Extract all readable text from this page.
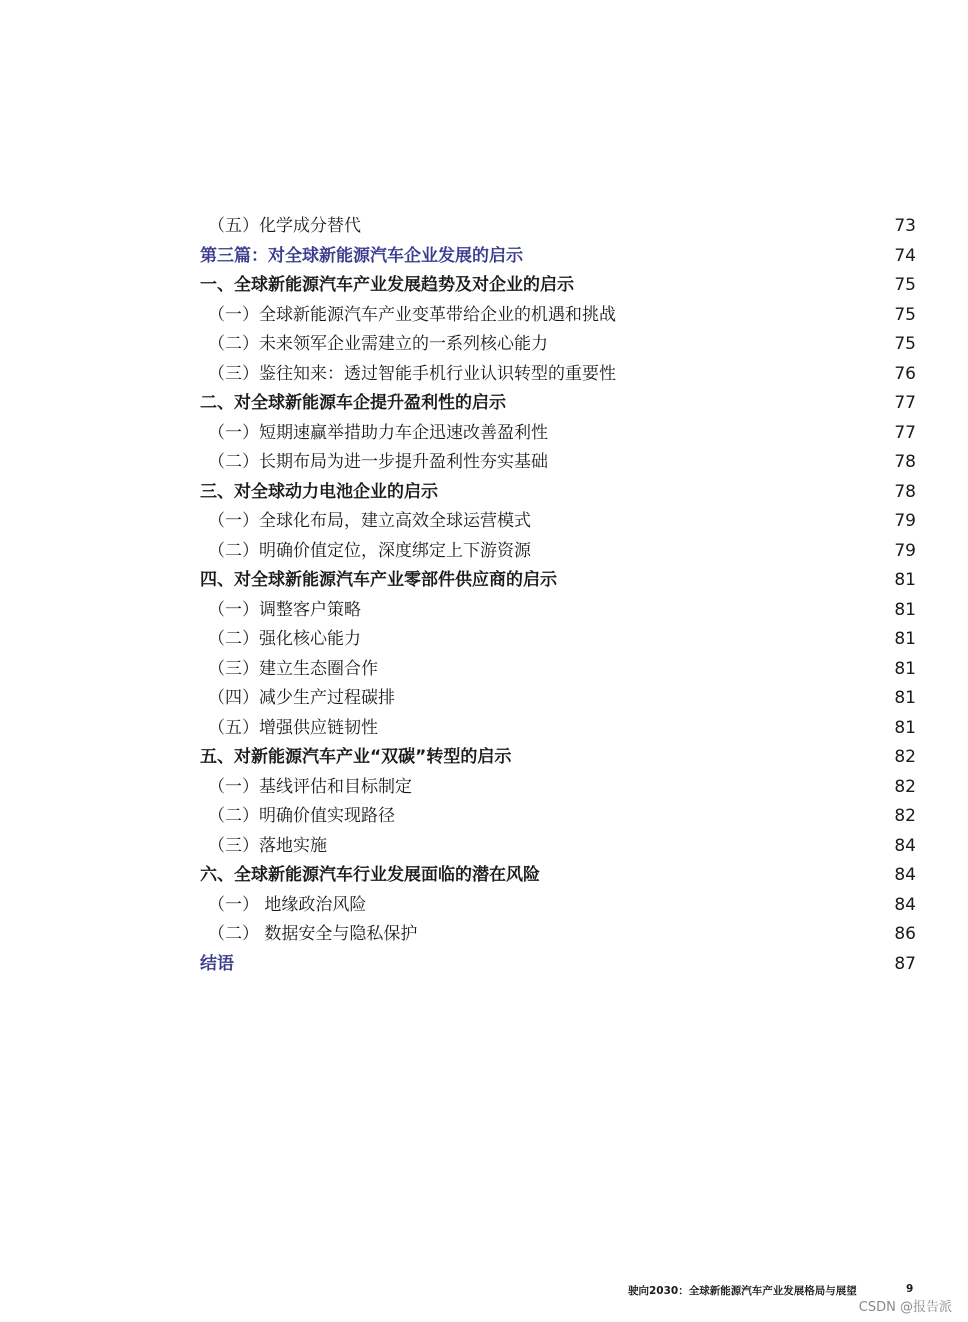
（五）化学成分替代	73
第三篇：对全球新能源汽车企业发展的启示	74
一、全球新能源汽车产业发展趋势及对企业的启示	75
（一）全球新能源汽车产业变革带给企业的机遇和挑战	75
（二）未来领军企业需建立的一系列核心能力	75
（三）鉴往知来：透过智能手机行业认识转型的重要性	76
二、对全球新能源车企提升盈利性的启示	77
（一）短期速赢举措助力车企迅速改善盈利性	77
（二）长期布局为进一步提升盈利性夯实基础	78
三、对全球动力电池企业的启示	78
（一）全球化布局，建立高效全球运营模式	79
（二）明确价值定位，深度绑定上下游资源	79
四、对全球新能源汽车产业零部件供应商的启示	81
（一）调整客户策略	81
（二）强化核心能力	81
（三）建立生态圈合作	81
（四）减少生产过程碳排	81
（五）增强供应链韧性	81
五、对新能源汽车产业“双碳”转型的启示	82
（一）基线评估和目标制定	82
（二）明确价值实现路径	82
（三）落地实施	84
六、全球新能源汽车行业发展面临的潜在风险	84
（一） 地缘政治风险	84
（二） 数据安全与隐私保护	86
结语	87
驶向2030：全球新能源汽车产业发展格局与展望	9
CSDN @报告派
